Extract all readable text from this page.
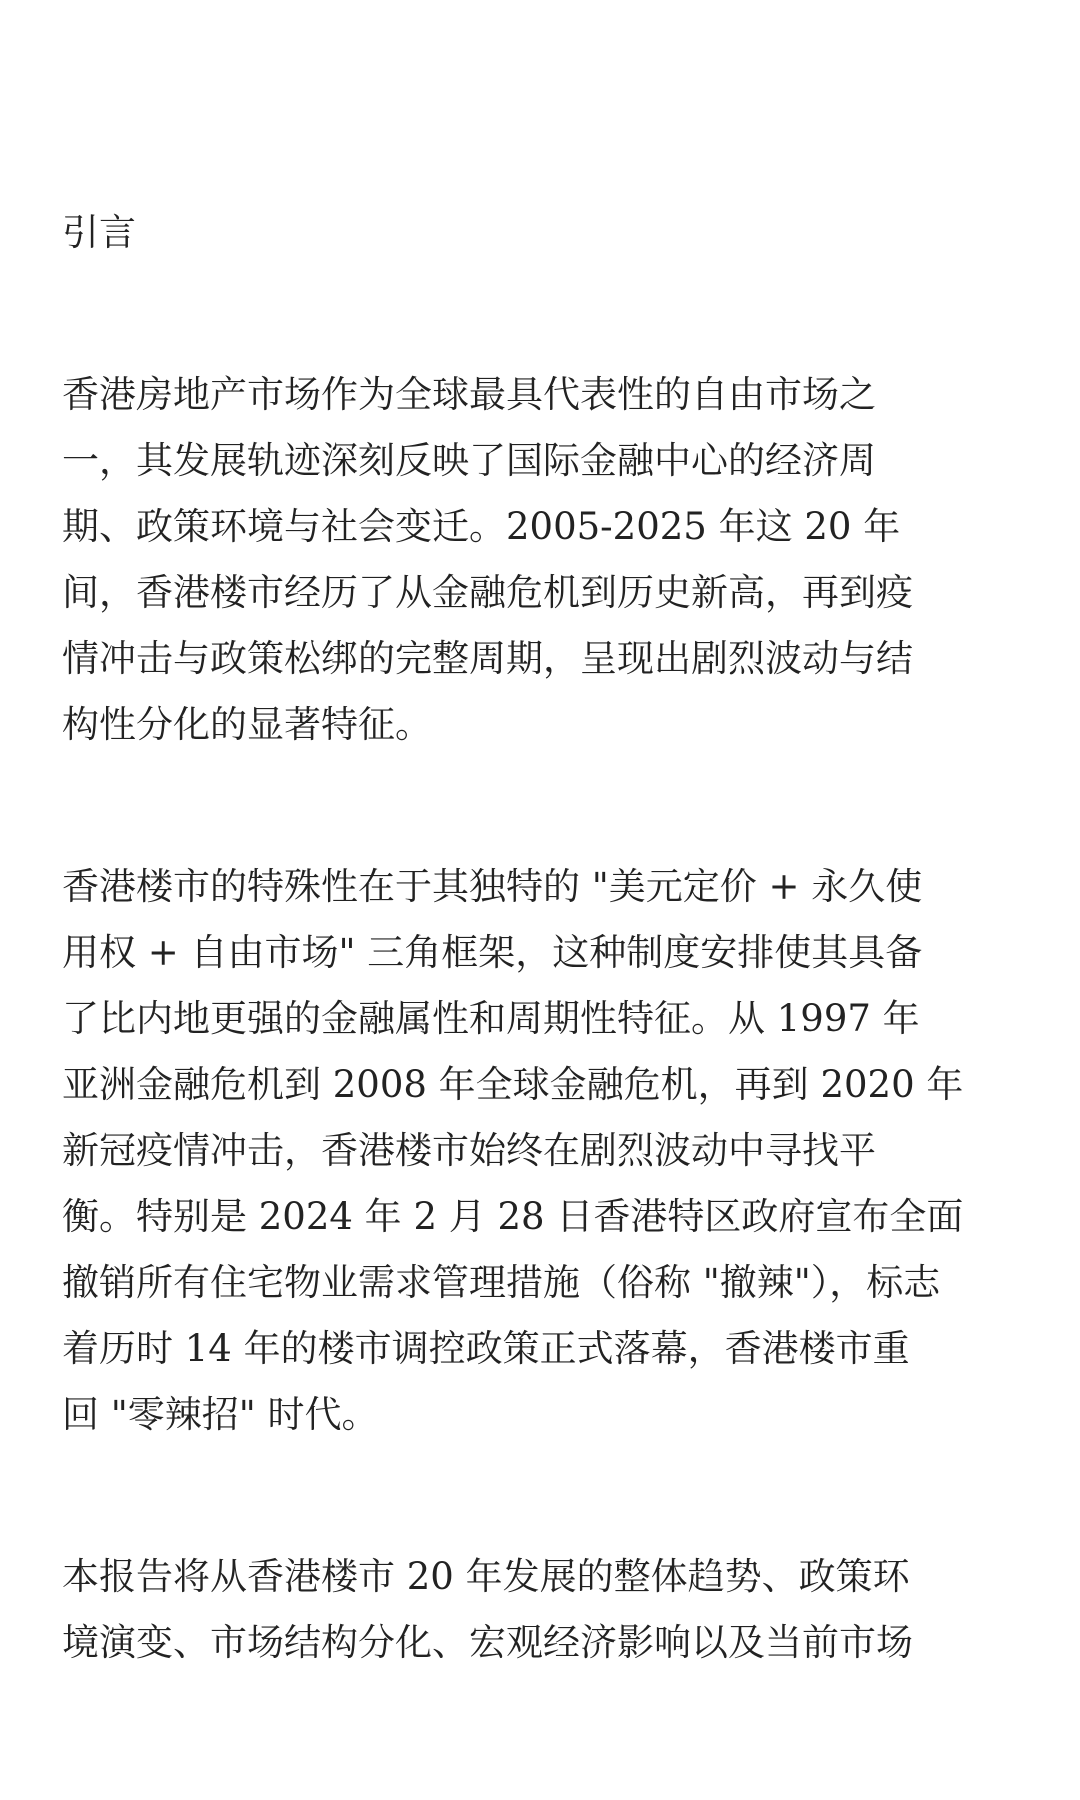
引言

香港房地产市场作为全球最具代表性的自由市场之
一，其发展轨迹深刻反映了国际金融中心的经济周
期、政策环境与社会变迁。2005-2025 年这 20 年
间，香港楼市经历了从金融危机到历史新高，再到疫
情冲击与政策松绑的完整周期，呈现出剧烈波动与结
构性分化的显著特征。

香港楼市的特殊性在于其独特的 "美元定价 + 永久使
用权 + 自由市场" 三角框架，这种制度安排使其具备
了比内地更强的金融属性和周期性特征。从 1997 年
亚洲金融危机到 2008 年全球金融危机，再到 2020 年
新冠疫情冲击，香港楼市始终在剧烈波动中寻找平
衡。特别是 2024 年 2 月 28 日香港特区政府宣布全面
撤销所有住宅物业需求管理措施（俗称 "撤辣"），标志
着历时 14 年的楼市调控政策正式落幕，香港楼市重
回 "零辣招" 时代。

本报告将从香港楼市 20 年发展的整体趋势、政策环
境演变、市场结构分化、宏观经济影响以及当前市场
